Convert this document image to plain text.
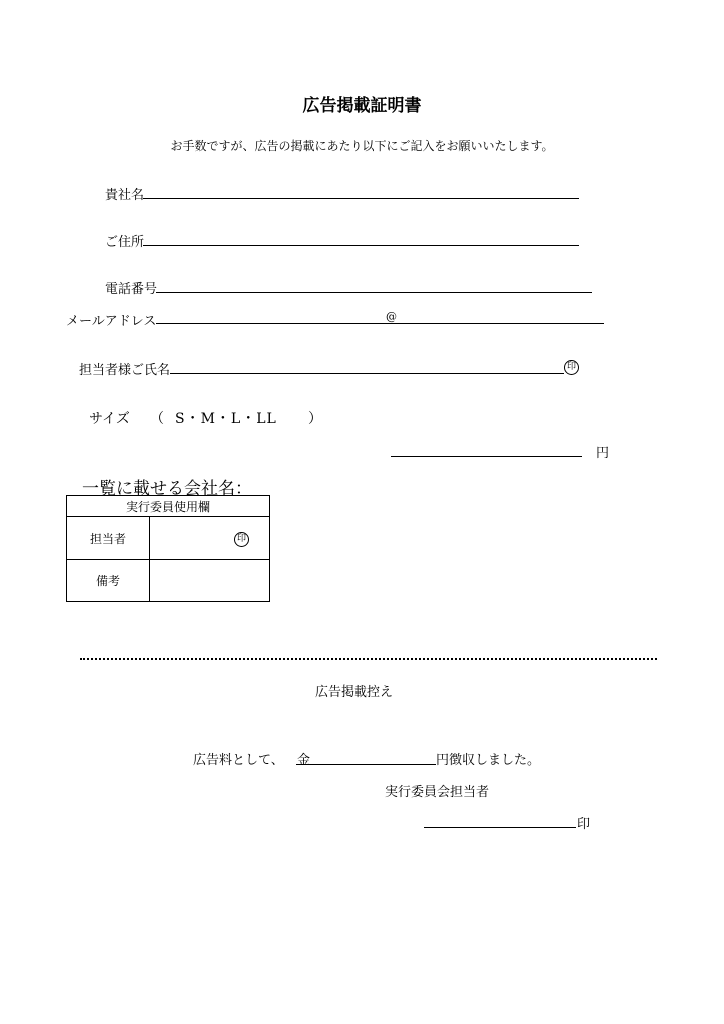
広告掲載証明書
お手数ですが、広告の掲載にあたり以下にご記入をお願いいたします。
貴社名
ご住所
電話番号
メールアドレス	@
担当者様ご氏名	印
サイズ （ S・M・L・LL ）
円
一覧に載せる会社名：
実行委員使用欄	
担当者	印
備考	
広告掲載控え
広告料として、 金	円徴収しました。
実行委員会担当者
印
